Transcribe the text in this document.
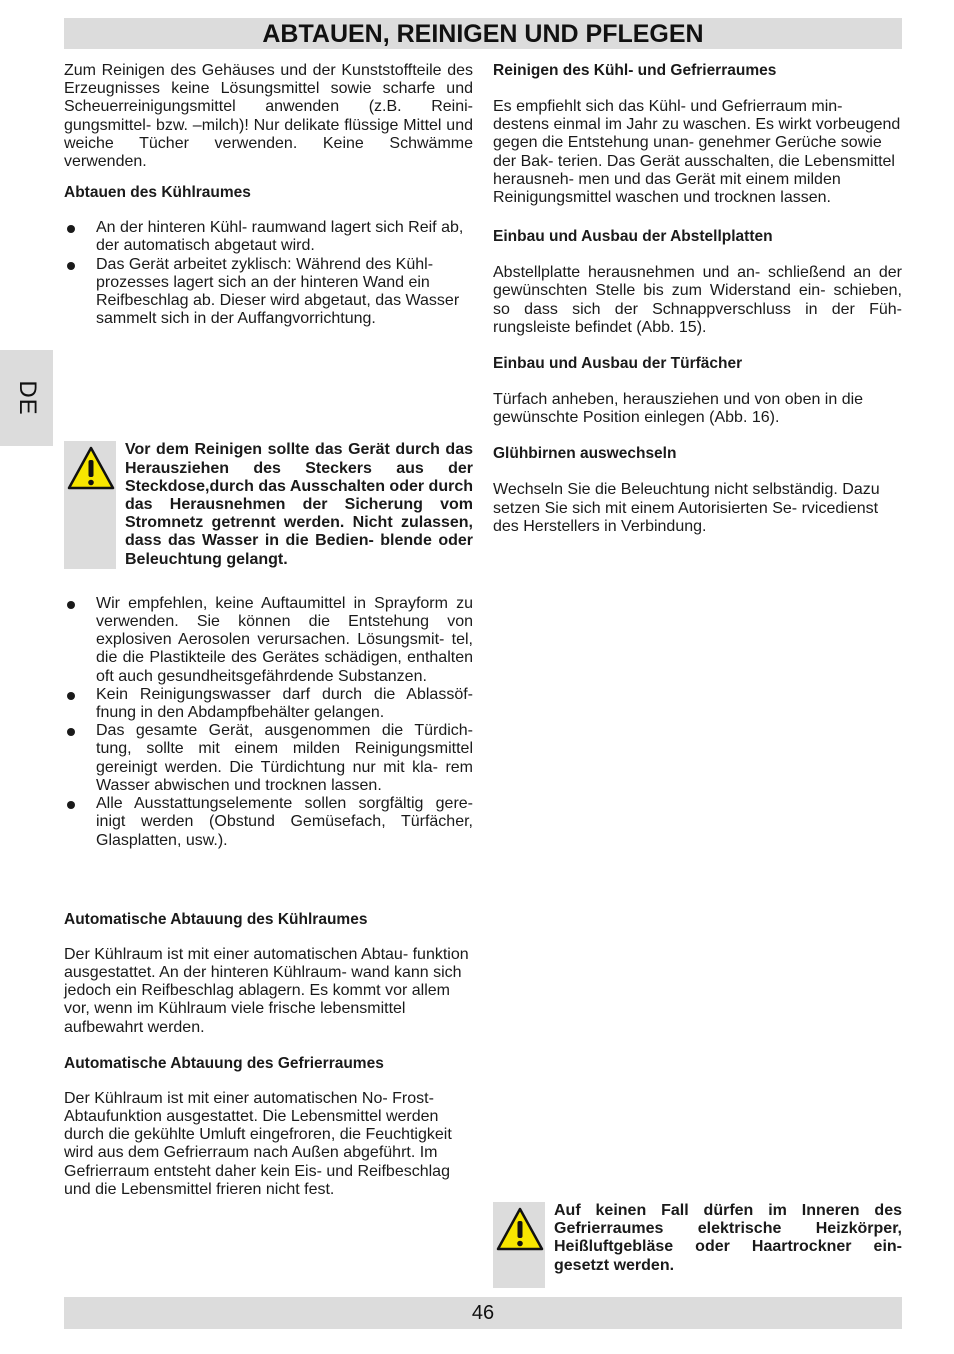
ABTAUEN, REINIGEN UND PFLEGEN
DE

Zum Reinigen des Gehäuses und der Kunststoffteile des Erzeugnisses keine Lösungsmittel sowie scharfe und Scheuerreinigungsmittel anwenden (z.B. Reini- gungsmittel- bzw. –milch)! Nur delikate flüssige Mittel und weiche Tücher verwenden. Keine Schwämme verwenden.

Abtauen des Kühlraumes
An der hinteren Kühl- raumwand lagert sich Reif ab, der automatisch abgetaut wird.
Das Gerät arbeitet zyklisch: Während des Kühl- prozesses lagert sich an der hinteren Wand ein Reifbeschlag ab. Dieser wird abgetaut, das Wasser sammelt sich in der Auffangvorrichtung.
Vor dem Reinigen sollte das Gerät durch das Herausziehen des Steckers aus der Steckdose,durch das Ausschalten oder durch das Herausnehmen der Sicherung vom Stromnetz getrennt werden. Nicht zulassen, dass das Wasser in die Bedien- blende oder Beleuchtung gelangt.
Wir empfehlen, keine Auftaumittel in Sprayform zu verwenden. Sie können die Entstehung von explosiven Aerosolen verursachen. Lösungsmit- tel, die die Plastikteile des Gerätes schädigen, enthalten oft auch gesundheitsgefährdende Substanzen.
Kein Reinigungswasser darf durch die Ablassöf- fnung in den Abdampfbehälter gelangen.
Das gesamte Gerät, ausgenommen die Türdich- tung, sollte mit einem milden Reinigungsmittel gereinigt werden. Die Türdichtung nur mit kla- rem Wasser abwischen und trocknen lassen.
Alle Ausstattungselemente sollen sorgfältig gere- inigt werden (Obstund Gemüsefach, Türfächer, Glasplatten, usw.).
Automatische Abtauung des Kühlraumes

Der Kühlraum ist mit einer automatischen Abtau- funktion ausgestattet. An der hinteren Kühlraum- wand kann sich jedoch ein Reifbeschlag ablagern. Es kommt vor allem vor, wenn im Kühlraum viele frische lebensmittel aufbewahrt werden.

Automatische Abtauung des Gefrierraumes

Der Kühlraum ist mit einer automatischen No- Frost-Abtaufunktion ausgestattet. Die Lebensmittel werden durch die gekühlte Umluft eingefroren, die Feuchtigkeit wird aus dem Gefrierraum nach Außen abgeführt. Im Gefrierraum entsteht daher kein Eis- und Reifbeschlag und die Lebensmittel frieren nicht fest.

Reinigen des Kühl- und Gefrierraumes

Es empfiehlt sich das Kühl- und Gefrierraum min- destens einmal im Jahr zu waschen. Es wirkt vorbeugend gegen die Entstehung unan- genehmer Gerüche sowie der Bak- terien. Das Gerät ausschalten, die Lebensmittel herausneh- men und das Gerät mit einem milden Reinigungsmittel waschen und trocknen lassen.

Einbau und Ausbau der Abstellplatten

Abstellplatte herausnehmen und an- schließend an der gewünschten Stelle bis zum Widerstand ein- schieben, so dass sich der Schnappverschluss in der Füh- rungsleiste befindet (Abb. 15).

Einbau und Ausbau der Türfächer

Türfach anheben, herausziehen und von oben in die gewünschte Position einlegen (Abb. 16).

Glühbirnen auswechseln

Wechseln Sie die Beleuchtung nicht selbständig. Dazu setzen Sie sich mit einem Autorisierten Se- rvicedienst des Herstellers in Verbindung.

Auf keinen Fall dürfen im Inneren des Gefrierraumes elektrische Heizkörper, Heißluftgebläse oder Haartrockner ein- gesetzt werden.
46
